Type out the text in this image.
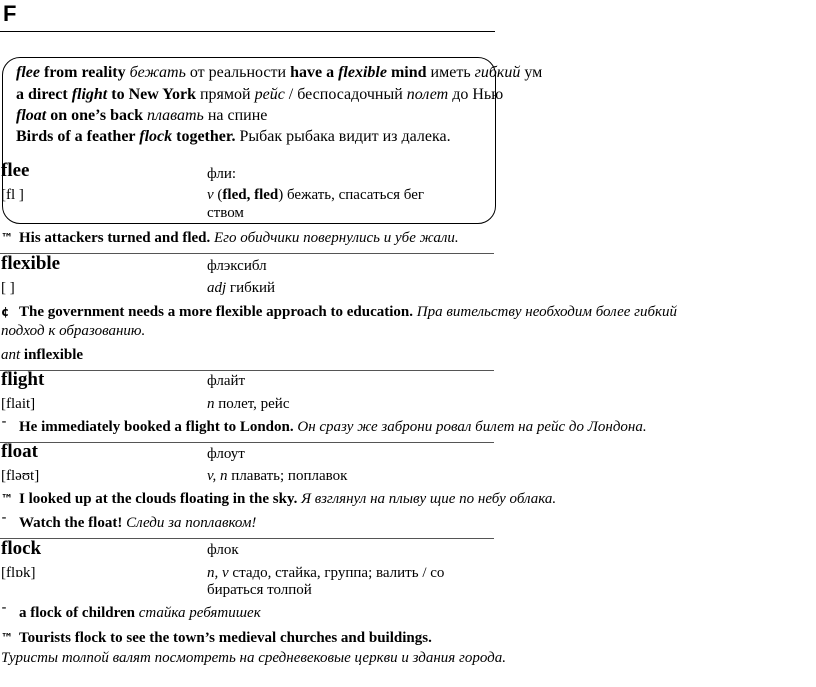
F
flee from reality бежать от реальности have a flexible mind иметь гибкий ум
a direct flight to New York прямой рейс / беспосадочный полет до Нью
float on one’s back плавать на спине
Birds of a feather flock together. Рыбак рыбака видит из далека.
flee	фли:
[fl ]	v (fled, fled) бежать, спасаться бег
ством
™ His attackers turned and fled. Его обидчики повернулись и убе жали.
flexible	флэксибл
[ ]	adj гибкий
¢ The government needs a more flexible approach to education. Пра вительству необходим более гибкий
подход к образованию.
ant inflexible
flight	флайт
[flait]	n полет, рейс
ˉ He immediately booked a flight to London. Он сразу же заброни ровал билет на рейс до Лондона.
float	флоут
[fləʊt]	v, n плавать; поплавок
™ I looked up at the clouds floating in the sky. Я взглянул на плыву щие по небу облака.
ˉ Watch the float! Следи за поплавком!
flock	флок
[flɒk]	n, v стадо, стайка, группа; валить / со
бираться толпой
ˉ a flock of children стайка ребятишек
™ Tourists flock to see the town’s medieval churches and buildings.
Туристы толпой валят посмотреть на средневековые церкви и здания города.
